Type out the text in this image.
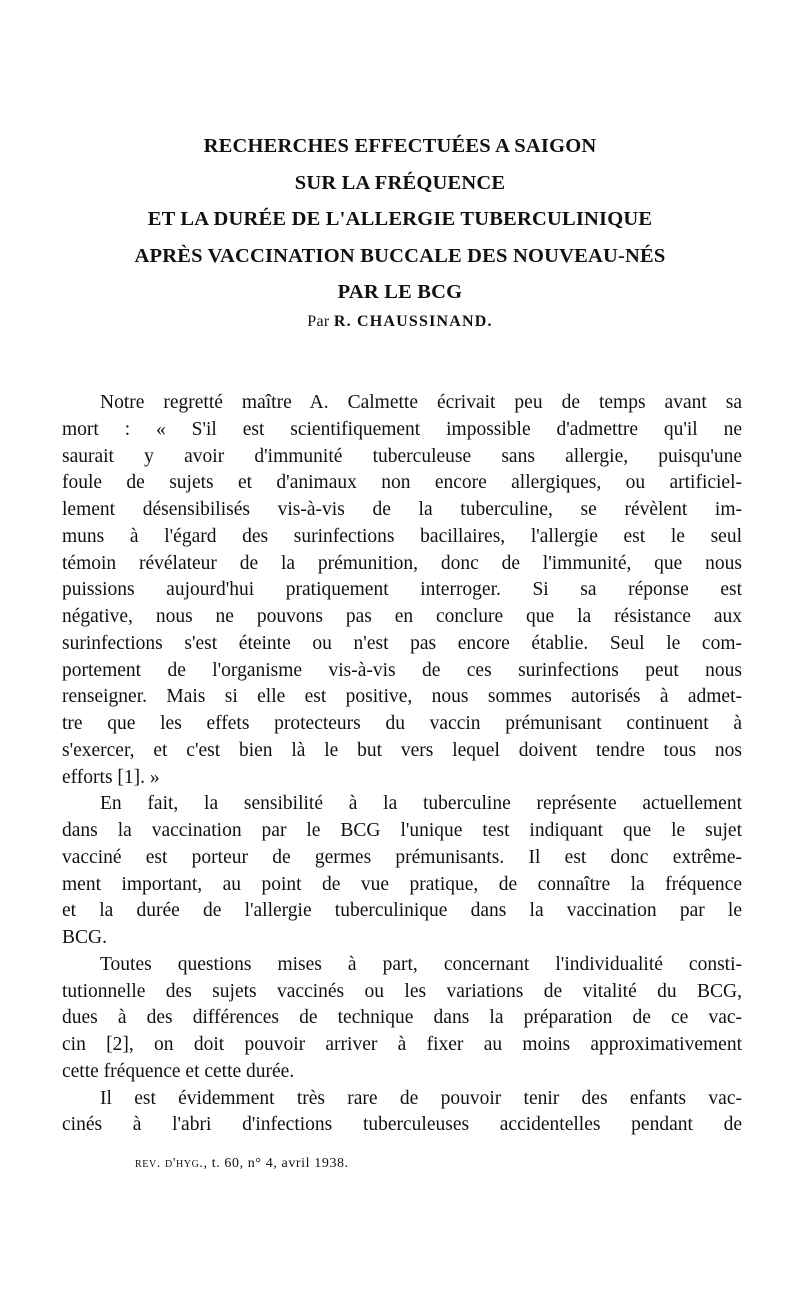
RECHERCHES EFFECTUÉES A SAIGON
SUR LA FRÉQUENCE
ET LA DURÉE DE L'ALLERGIE TUBERCULINIQUE
APRÈS VACCINATION BUCCALE DES NOUVEAU-NÉS
PAR LE BCG
Par R. CHAUSSINAND.
Notre regretté maître A. Calmette écrivait peu de temps avant sa
mort : « S'il est scientifiquement impossible d'admettre qu'il ne
saurait y avoir d'immunité tuberculeuse sans allergie, puisqu'une
foule de sujets et d'animaux non encore allergiques, ou artificiel-
lement désensibilisés vis-à-vis de la tuberculine, se révèlent im-
muns à l'égard des surinfections bacillaires, l'allergie est le seul
témoin révélateur de la prémunition, donc de l'immunité, que nous
puissions aujourd'hui pratiquement interroger. Si sa réponse est
négative, nous ne pouvons pas en conclure que la résistance aux
surinfections s'est éteinte ou n'est pas encore établie. Seul le com-
portement de l'organisme vis-à-vis de ces surinfections peut nous
renseigner. Mais si elle est positive, nous sommes autorisés à admet-
tre que les effets protecteurs du vaccin prémunisant continuent à
s'exercer, et c'est bien là le but vers lequel doivent tendre tous nos
efforts [1]. »
En fait, la sensibilité à la tuberculine représente actuellement
dans la vaccination par le BCG l'unique test indiquant que le sujet
vacciné est porteur de germes prémunisants. Il est donc extrême-
ment important, au point de vue pratique, de connaître la fréquence
et la durée de l'allergie tuberculinique dans la vaccination par le
BCG.
Toutes questions mises à part, concernant l'individualité consti-
tutionnelle des sujets vaccinés ou les variations de vitalité du BCG,
dues à des différences de technique dans la préparation de ce vac-
cin [2], on doit pouvoir arriver à fixer au moins approximativement
cette fréquence et cette durée.
Il est évidemment très rare de pouvoir tenir des enfants vac-
cinés à l'abri d'infections tuberculeuses accidentelles pendant de
rev. d'hyg., t. 60, n° 4, avril 1938.
